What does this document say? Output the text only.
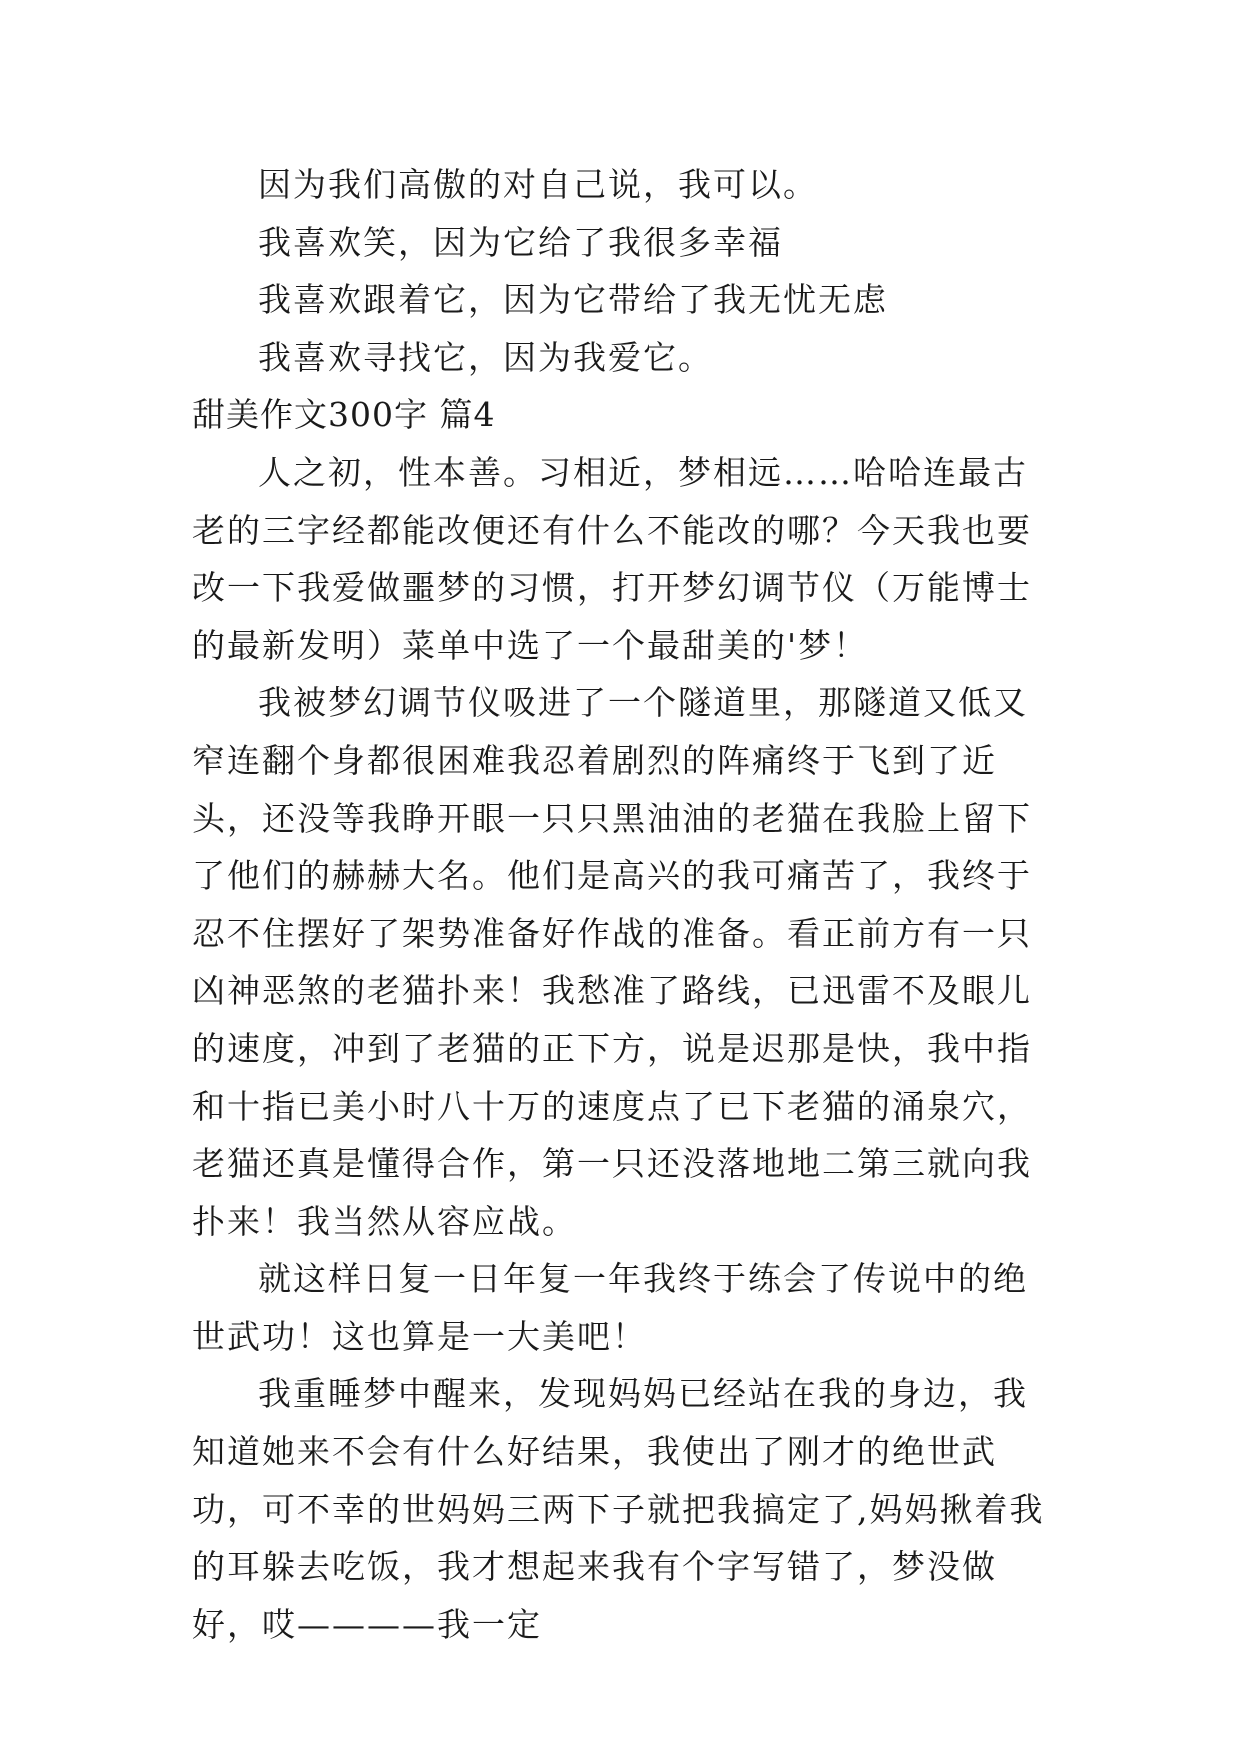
因为我们高傲的对自己说，我可以。

我喜欢笑，因为它给了我很多幸福

我喜欢跟着它，因为它带给了我无忧无虑

我喜欢寻找它，因为我爱它。

甜美作文300字 篇4

人之初，性本善。习相近，梦相远……哈哈连最古老的三字经都能改便还有什么不能改的哪？今天我也要改一下我爱做噩梦的习惯，打开梦幻调节仪（万能博士的最新发明）菜单中选了一个最甜美的'梦！

我被梦幻调节仪吸进了一个隧道里，那隧道又低又窄连翻个身都很困难我忍着剧烈的阵痛终于飞到了近头，还没等我睁开眼一只只黑油油的老猫在我脸上留下了他们的赫赫大名。他们是高兴的我可痛苦了，我终于忍不住摆好了架势准备好作战的准备。看正前方有一只凶神恶煞的老猫扑来！我愁准了路线，已迅雷不及眼儿的速度，冲到了老猫的正下方，说是迟那是快，我中指和十指已美小时八十万的速度点了已下老猫的涌泉穴，老猫还真是懂得合作，第一只还没落地地二第三就向我扑来！我当然从容应战。

就这样日复一日年复一年我终于练会了传说中的绝世武功！这也算是一大美吧！

我重睡梦中醒来，发现妈妈已经站在我的身边，我知道她来不会有什么好结果，我使出了刚才的绝世武功，可不幸的世妈妈三两下子就把我搞定了,妈妈揪着我的耳躲去吃饭，我才想起来我有个字写错了，梦没做好，哎————我一定
